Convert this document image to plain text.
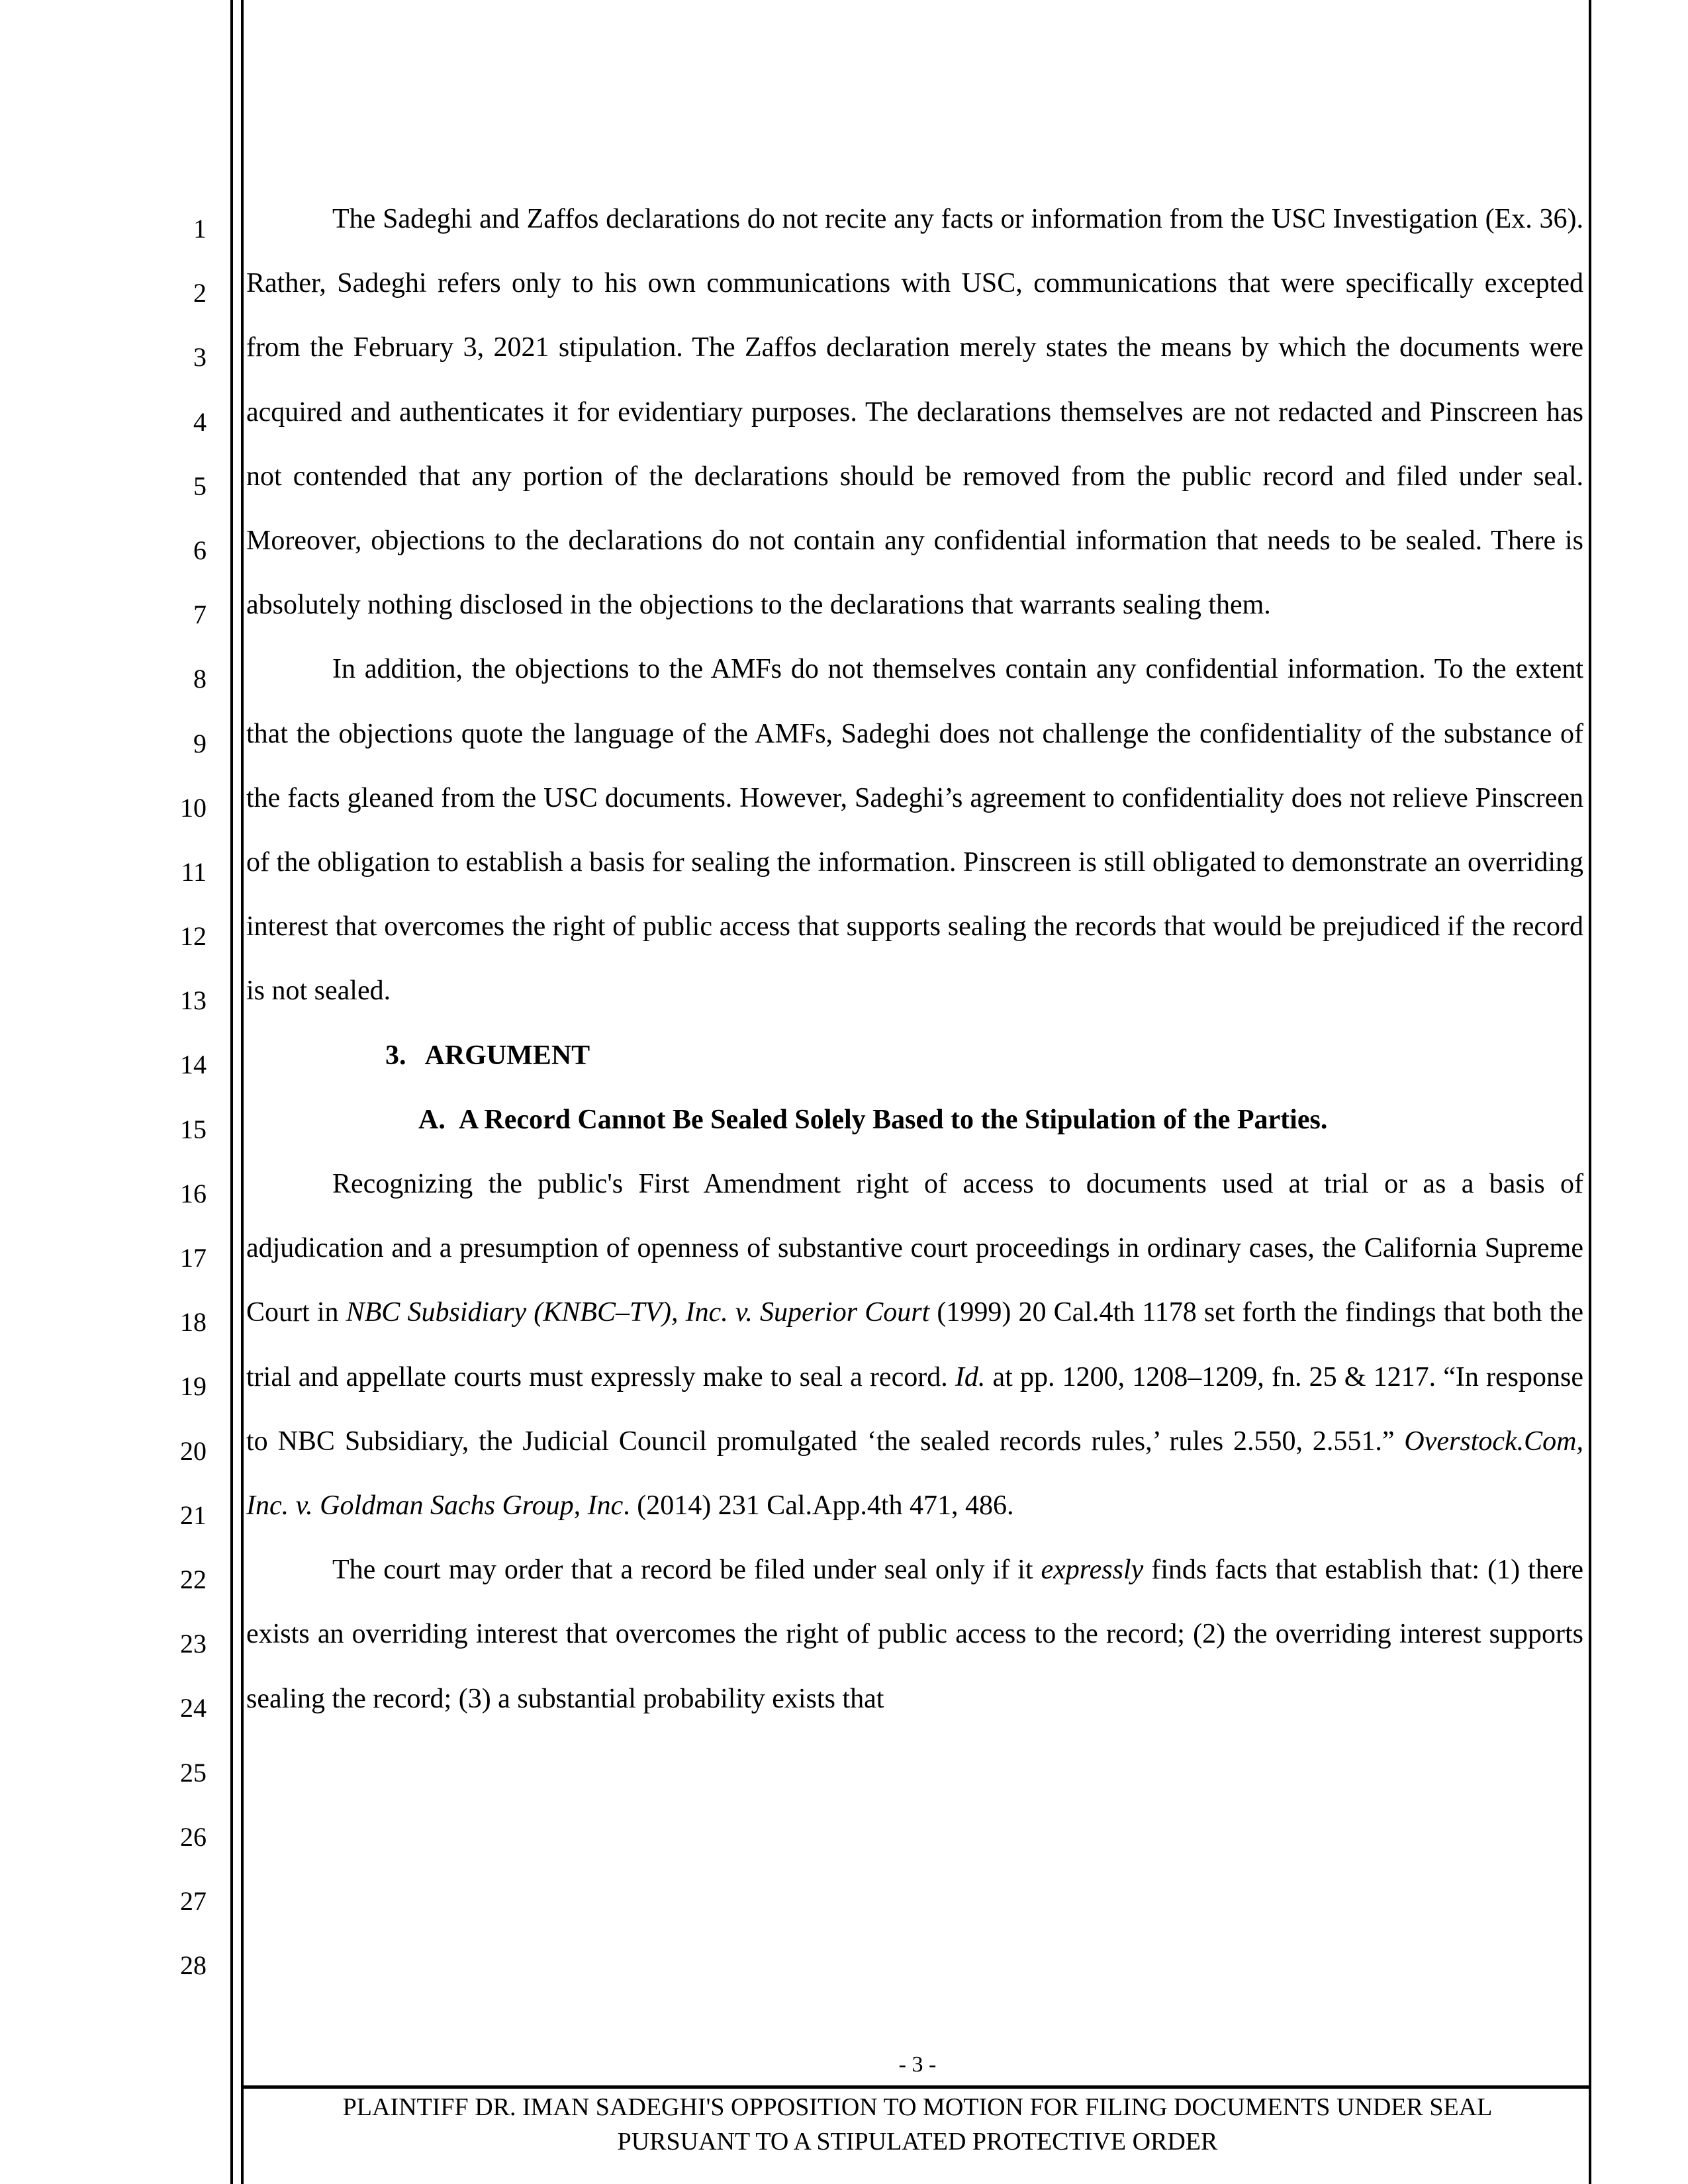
1
2
3
4
5
6
7
8
9
10
11
12
13
14
15
16
17
18
19
20
21
22
23
24
25
26
27
28

The Sadeghi and Zaffos declarations do not recite any facts or information from the USC Investigation (Ex. 36). Rather, Sadeghi refers only to his own communications with USC, communications that were specifically excepted from the February 3, 2021 stipulation. The Zaffos declaration merely states the means by which the documents were acquired and authenticates it for evidentiary purposes. The declarations themselves are not redacted and Pinscreen has not contended that any portion of the declarations should be removed from the public record and filed under seal. Moreover, objections to the declarations do not contain any confidential information that needs to be sealed. There is absolutely nothing disclosed in the objections to the declarations that warrants sealing them.

In addition, the objections to the AMFs do not themselves contain any confidential information. To the extent that the objections quote the language of the AMFs, Sadeghi does not challenge the confidentiality of the substance of the facts gleaned from the USC documents. However, Sadeghi’s agreement to confidentiality does not relieve Pinscreen of the obligation to establish a basis for sealing the information. Pinscreen is still obligated to demonstrate an overriding interest that overcomes the right of public access that supports sealing the records that would be prejudiced if the record is not sealed.

3. ARGUMENT

A. A Record Cannot Be Sealed Solely Based to the Stipulation of the Parties.

Recognizing the public's First Amendment right of access to documents used at trial or as a basis of adjudication and a presumption of openness of substantive court proceedings in ordinary cases, the California Supreme Court in NBC Subsidiary (KNBC–TV), Inc. v. Superior Court (1999) 20 Cal.4th 1178 set forth the findings that both the trial and appellate courts must expressly make to seal a record. Id. at pp. 1200, 1208–1209, fn. 25 & 1217. “In response to NBC Subsidiary, the Judicial Council promulgated ‘the sealed records rules,’ rules 2.550, 2.551.” Overstock.Com, Inc. v. Goldman Sachs Group, Inc. (2014) 231 Cal.App.4th 471, 486.

The court may order that a record be filed under seal only if it expressly finds facts that establish that: (1) there exists an overriding interest that overcomes the right of public access to the record; (2) the overriding interest supports sealing the record; (3) a substantial probability exists that

- 3 -
PLAINTIFF DR. IMAN SADEGHI'S OPPOSITION TO MOTION FOR FILING DOCUMENTS UNDER SEAL
PURSUANT TO A STIPULATED PROTECTIVE ORDER
